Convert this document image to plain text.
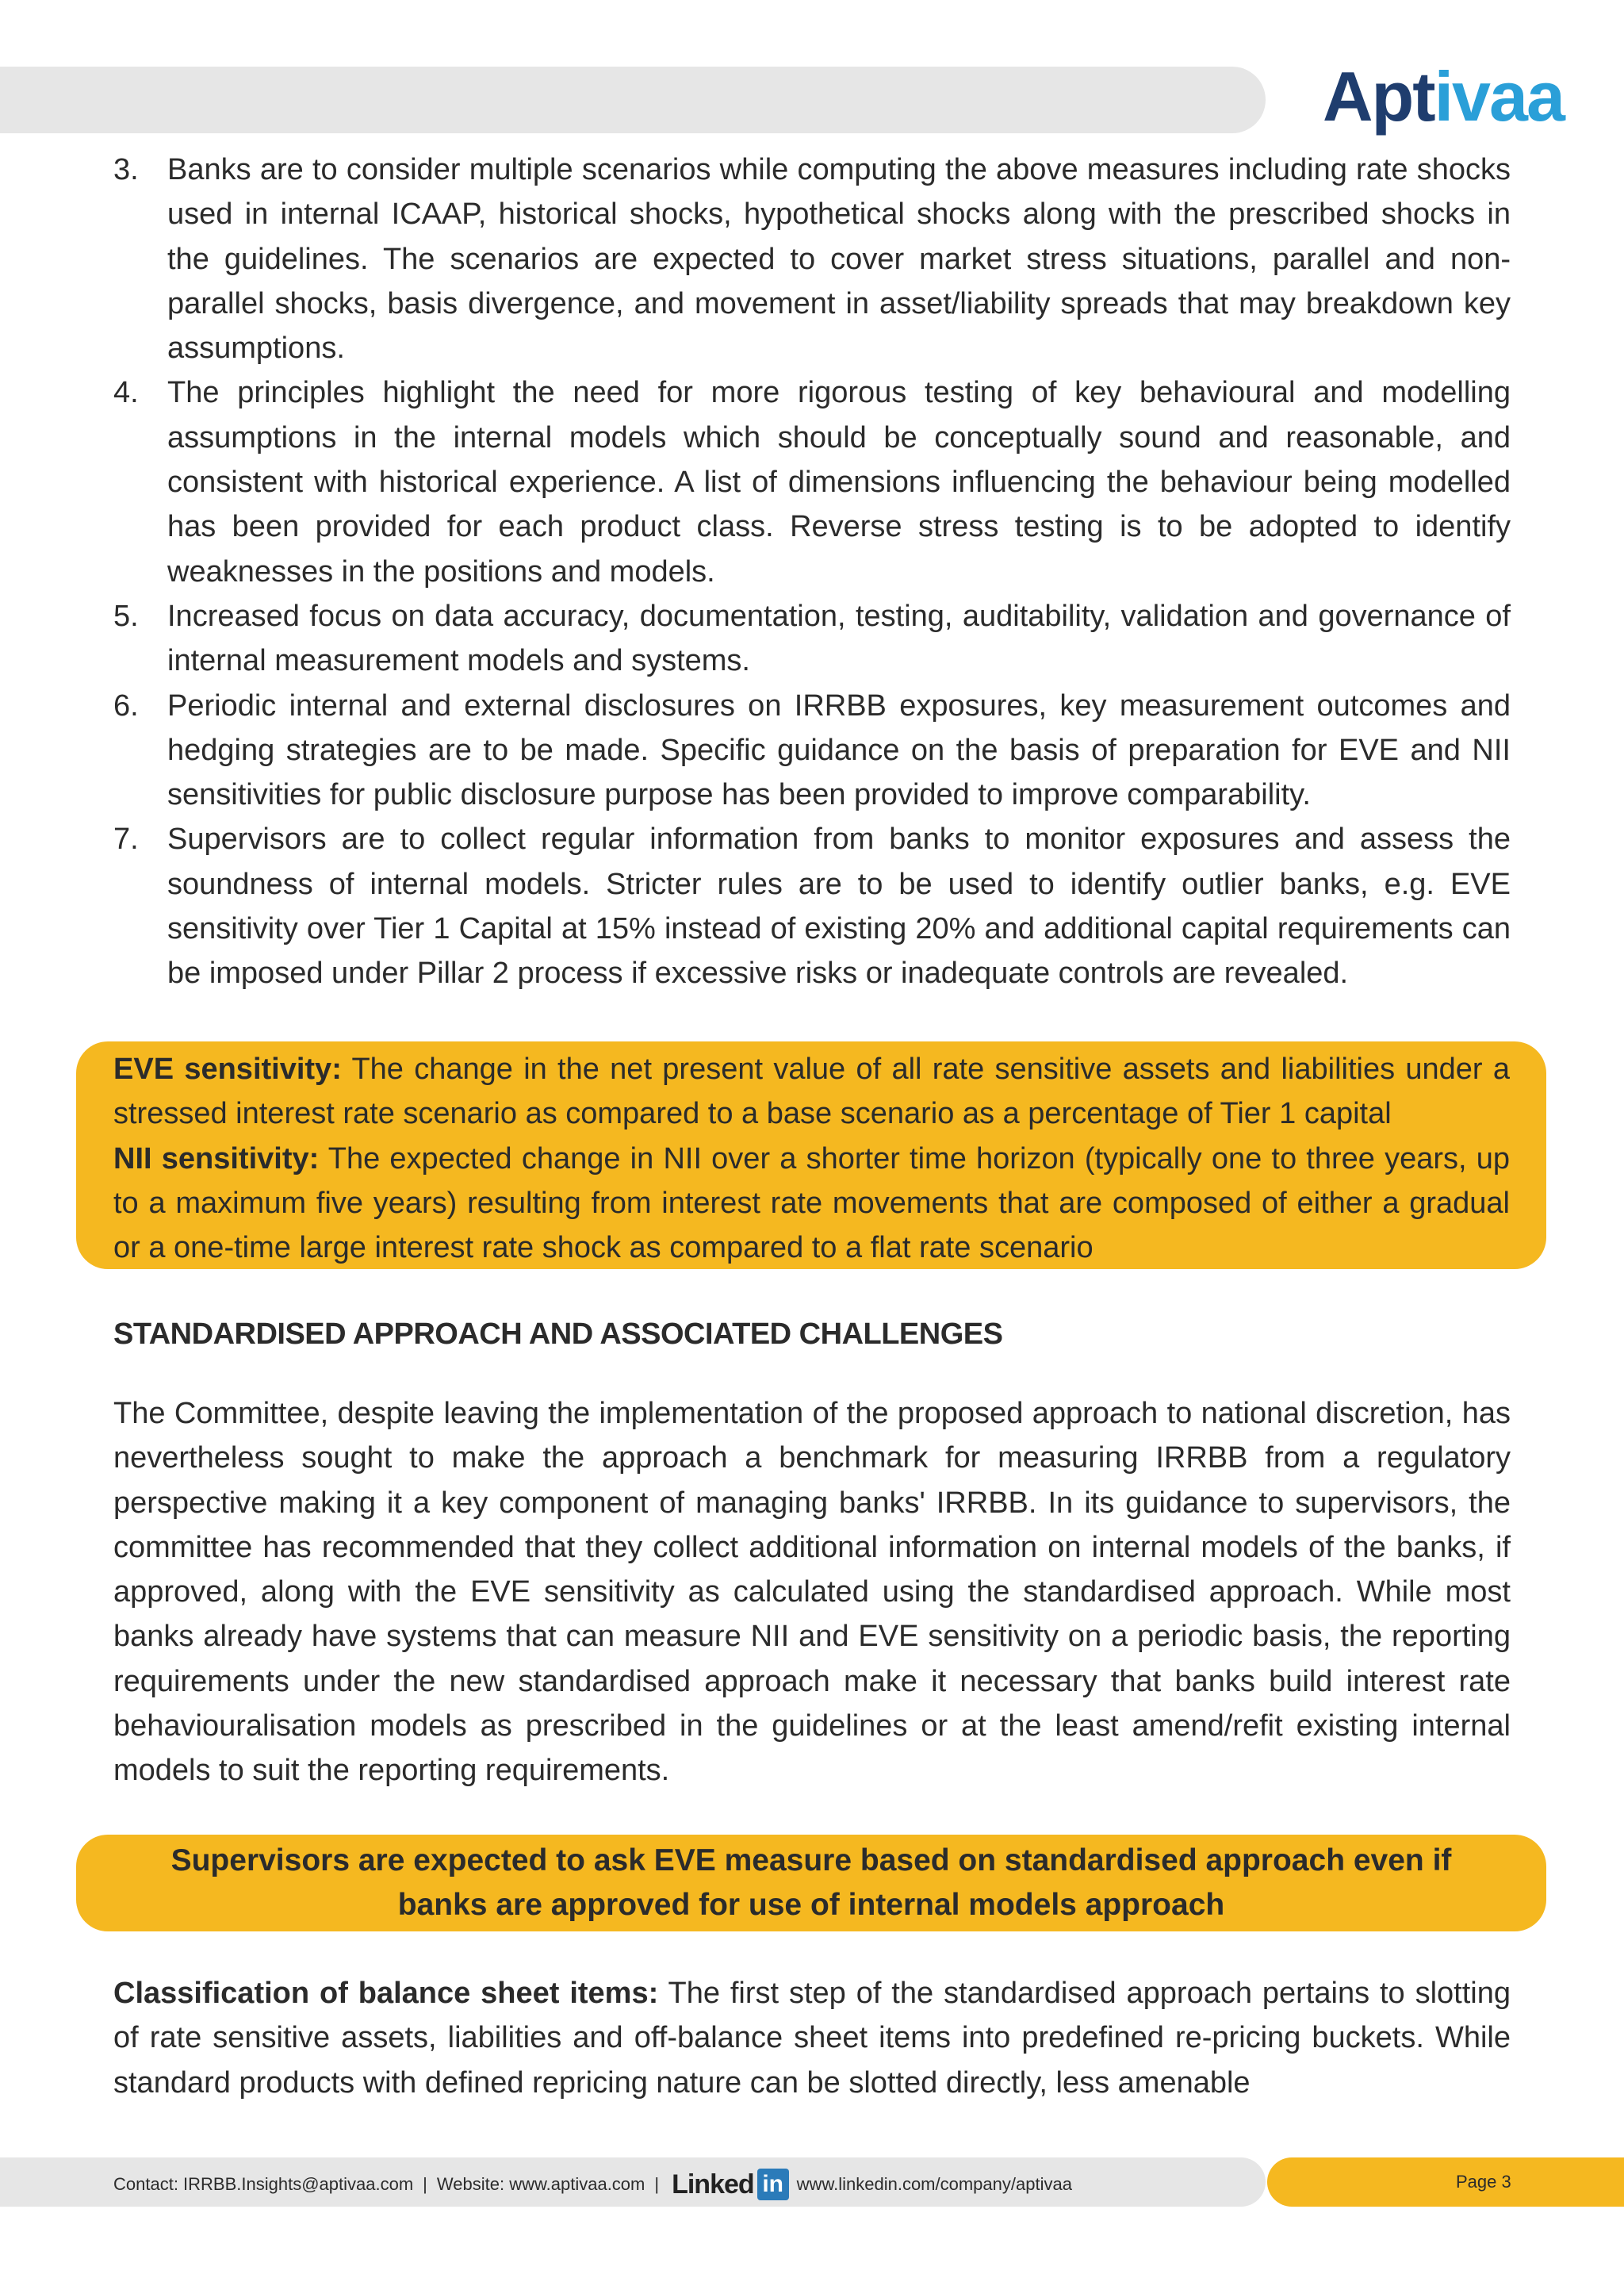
Aptivaa
Banks are to consider multiple scenarios while computing the above measures including rate shocks used in internal ICAAP, historical shocks, hypothetical shocks along with the prescribed shocks in the guidelines. The scenarios are expected to cover market stress situations, parallel and non-parallel shocks, basis divergence, and movement in asset/liability spreads that may breakdown key assumptions.
The principles highlight the need for more rigorous testing of key behavioural and modelling assumptions in the internal models which should be conceptually sound and reasonable, and consistent with historical experience. A list of dimensions influencing the behaviour being modelled has been provided for each product class. Reverse stress testing is to be adopted to identify weaknesses in the positions and models.
Increased focus on data accuracy, documentation, testing, auditability, validation and governance of internal measurement models and systems.
Periodic internal and external disclosures on IRRBB exposures, key measurement outcomes and hedging strategies are to be made. Specific guidance on the basis of preparation for EVE and NII sensitivities for public disclosure purpose has been provided to improve comparability.
Supervisors are to collect regular information from banks to monitor exposures and assess the soundness of internal models. Stricter rules are to be used to identify outlier banks, e.g. EVE sensitivity over Tier 1 Capital at 15% instead of existing 20% and additional capital requirements can be imposed under Pillar 2 process if excessive risks or inadequate controls are revealed.
EVE sensitivity: The change in the net present value of all rate sensitive assets and liabilities under a stressed interest rate scenario as compared to a base scenario as a percentage of Tier 1 capital
NII sensitivity: The expected change in NII over a shorter time horizon (typically one to three years, up to a maximum five years) resulting from interest rate movements that are composed of either a gradual or a one-time large interest rate shock as compared to a flat rate scenario
STANDARDISED APPROACH AND ASSOCIATED CHALLENGES
The Committee, despite leaving the implementation of the proposed approach to national discretion, has nevertheless sought to make the approach a benchmark for measuring IRRBB from a regulatory perspective making it a key component of managing banks' IRRBB. In its guidance to supervisors, the committee has recommended that they collect additional information on internal models of the banks, if approved, along with the EVE sensitivity as calculated using the standardised approach. While most banks already have systems that can measure NII and EVE sensitivity on a periodic basis, the reporting requirements under the new standardised approach make it necessary that banks build interest rate behaviouralisation models as prescribed in the guidelines or at the least amend/refit existing internal models to suit the reporting requirements.
Supervisors are expected to ask EVE measure based on standardised approach even if banks are approved for use of internal models approach
Classification of balance sheet items: The first step of the standardised approach pertains to slotting of rate sensitive assets, liabilities and off-balance sheet items into predefined re-pricing buckets. While standard products with defined repricing nature can be slotted directly, less amenable
Contact: IRRBB.Insights@aptivaa.com | Website: www.aptivaa.com | Linked in www.linkedin.com/company/aptivaa	Page 3
